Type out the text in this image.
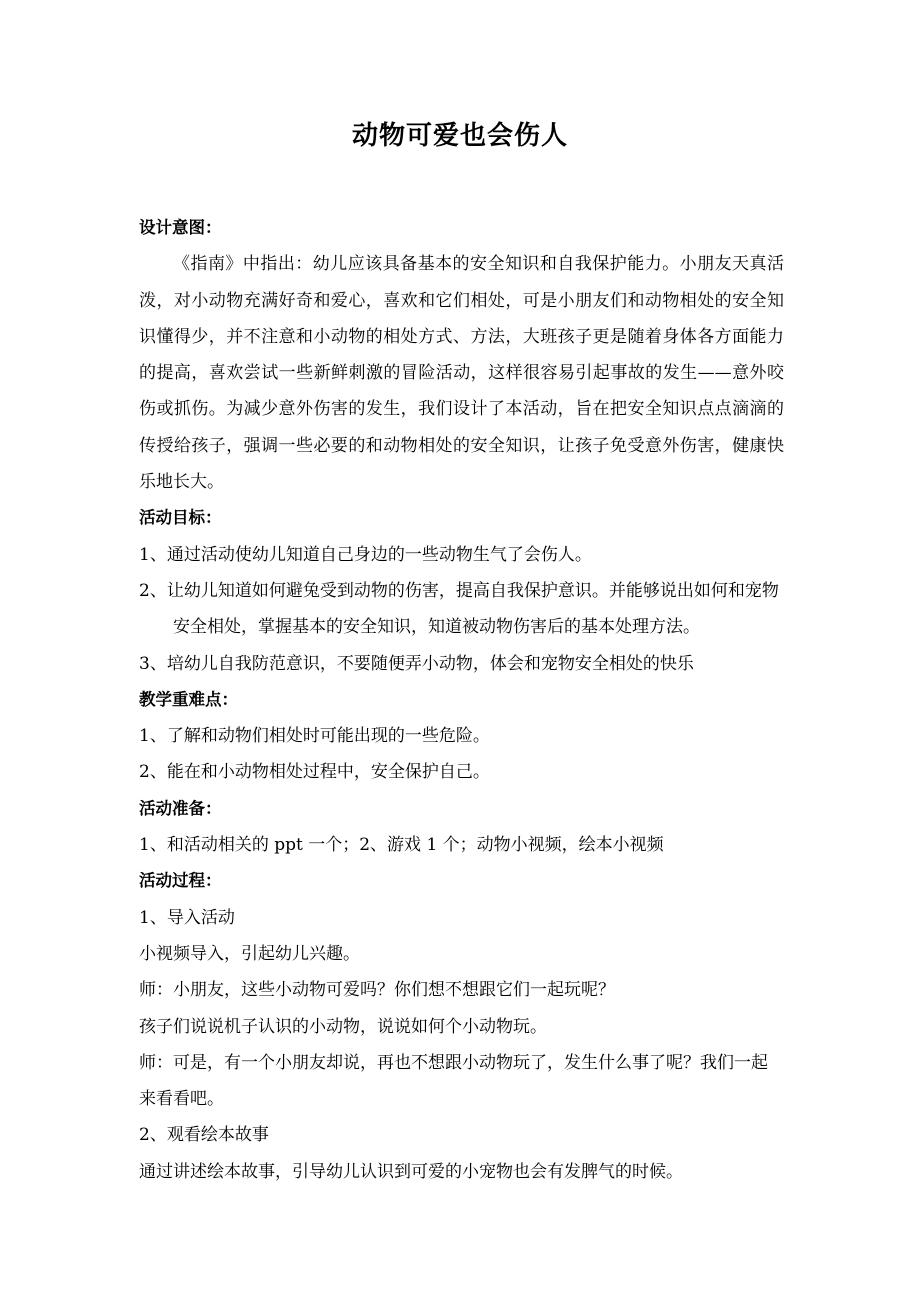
动物可爱也会伤人

设计意图：

《指南》中指出：幼儿应该具备基本的安全知识和自我保护能力。小朋友天真活泼，对小动物充满好奇和爱心，喜欢和它们相处，可是小朋友们和动物相处的安全知识懂得少，并不注意和小动物的相处方式、方法，大班孩子更是随着身体各方面能力的提高，喜欢尝试一些新鲜刺激的冒险活动，这样很容易引起事故的发生——意外咬伤或抓伤。为减少意外伤害的发生，我们设计了本活动，旨在把安全知识点点滴滴的传授给孩子，强调一些必要的和动物相处的安全知识，让孩子免受意外伤害，健康快乐地长大。

活动目标：

1、通过活动使幼儿知道自己身边的一些动物生气了会伤人。

2、让幼儿知道如何避兔受到动物的伤害，提高自我保护意识。并能够说出如何和宠物安全相处，掌握基本的安全知识，知道被动物伤害后的基本处理方法。

3、培幼儿自我防范意识，不要随便弄小动物，体会和宠物安全相处的快乐

教学重难点：

1、了解和动物们相处时可能出现的一些危险。

2、能在和小动物相处过程中，安全保护自己。

活动准备：

1、和活动相关的 ppt 一个；2、游戏 1 个；动物小视频，绘本小视频

活动过程：

1、导入活动

小视频导入，引起幼儿兴趣。

师：小朋友，这些小动物可爱吗？你们想不想跟它们一起玩呢？

孩子们说说机子认识的小动物，说说如何个小动物玩。

师：可是，有一个小朋友却说，再也不想跟小动物玩了，发生什么事了呢？我们一起来看看吧。

2、观看绘本故事

通过讲述绘本故事，引导幼儿认识到可爱的小宠物也会有发脾气的时候。
